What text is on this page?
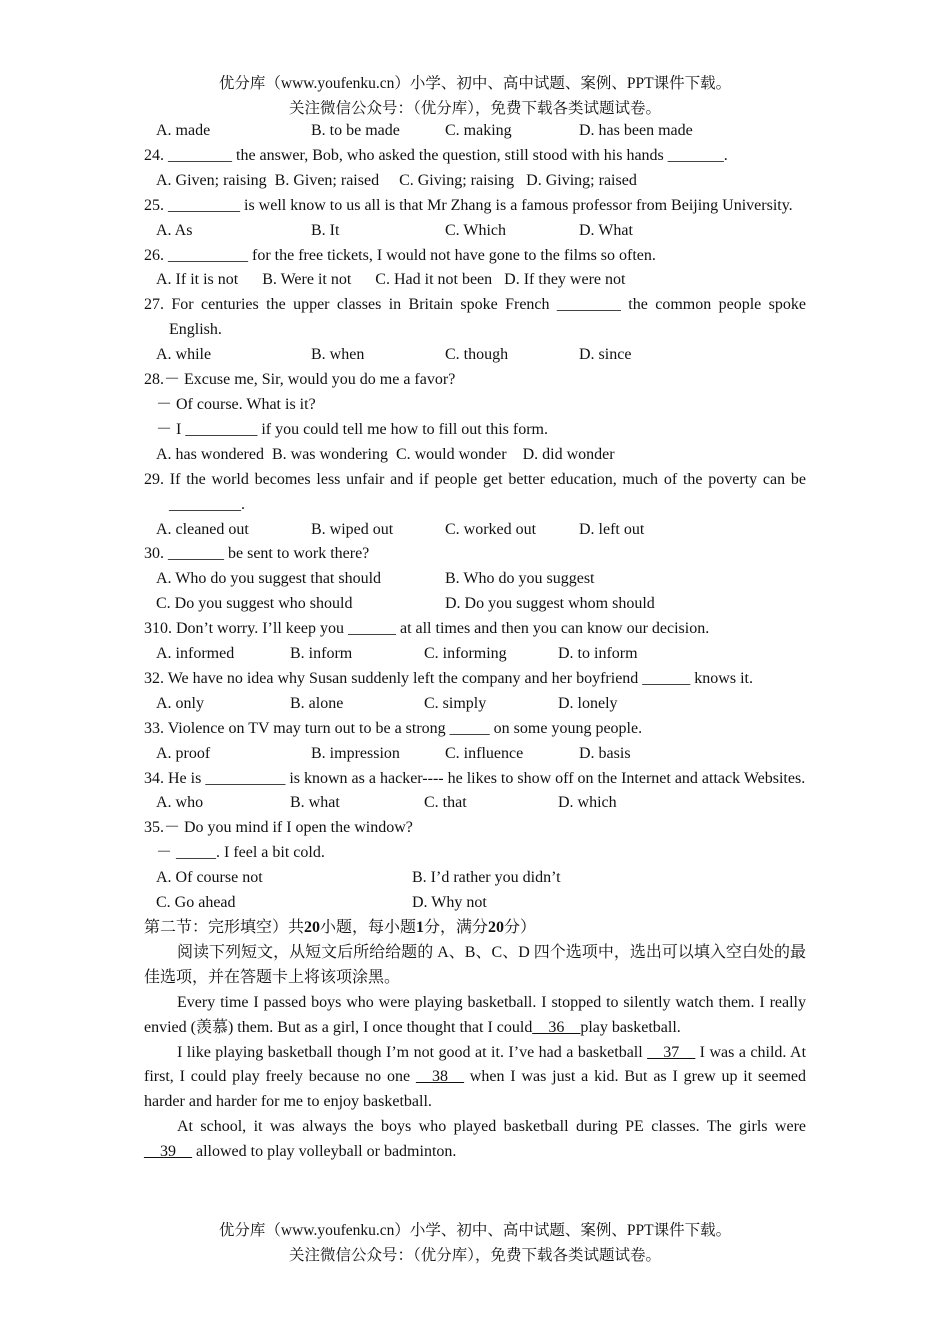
优分库（www.youfenku.cn）小学、初中、高中试题、案例、PPT课件下载。
关注微信公众号：（优分库），免费下载各类试题试卷。
A. made	B. to be made	C. making	D. has been made
24. ________ the answer, Bob, who asked the question, still stood with his hands _______.
A. Given; raising  B. Given; raised     C. Giving; raising   D. Giving; raised
25. _________ is well know to us all is that Mr Zhang is a famous professor from Beijing University.
A. As	B. It	C. Which	D. What
26. __________ for the free tickets, I would not have gone to the films so often.
A. If it is not      B. Were it not      C. Had it not been   D. If they were not
27. For centuries the upper classes in Britain spoke French ________ the common people spoke English.
A. while	B. when	C. though	D. since
28.－ Excuse me, Sir, would you do me a favor?
－ Of course. What is it?
－ I _________ if you could tell me how to fill out this form.
A. has wondered  B. was wondering  C. would wonder    D. did wonder
29. If the world becomes less unfair and if people get better education, much of the poverty can be _________.
A. cleaned out	B. wiped out	C. worked out	D. left out
30. _______ be sent to work there?
A. Who do you suggest that should	B. Who do you suggest
C. Do you suggest who should	D. Do you suggest whom should
310. Don’t worry. I’ll keep you ______ at all times and then you can know our decision.
A. informed	B. inform	C. informing	D. to inform
32. We have no idea why Susan suddenly left the company and her boyfriend ______ knows it.
A. only	B. alone	C. simply	D. lonely
33. Violence on TV may turn out to be a strong _____ on some young people.
A. proof	B. impression	C. influence	D. basis
34. He is __________ is known as a hacker---- he likes to show off on the Internet and attack Websites.
A. who	B. what	C. that	D. which
35.－ Do you mind if I open the window?
－ _____. I feel a bit cold.
A. Of course not	B. I’d rather you didn’t
C. Go ahead	D. Why not
第二节：完形填空）共20小题，每小题1分，满分20分）
阅读下列短文，从短文后所给给题的 A、B、C、D 四个选项中，选出可以填入空白处的最佳选项，并在答题卡上将该项涂黑。
Every time I passed boys who were playing basketball. I stopped to silently watch them. I really envied (羡慕) them. But as a girl, I once thought that I could__36__play basketball.
I like playing basketball though I’m not good at it. I’ve had a basketball __37__ I was a child. At first, I could play freely because no one __38__ when I was just a kid. But as I grew up it seemed harder and harder for me to enjoy basketball.
At school, it was always the boys who played basketball during PE classes. The girls were __39__ allowed to play volleyball or badminton.
优分库（www.youfenku.cn）小学、初中、高中试题、案例、PPT课件下载。
关注微信公众号：（优分库），免费下载各类试题试卷。
